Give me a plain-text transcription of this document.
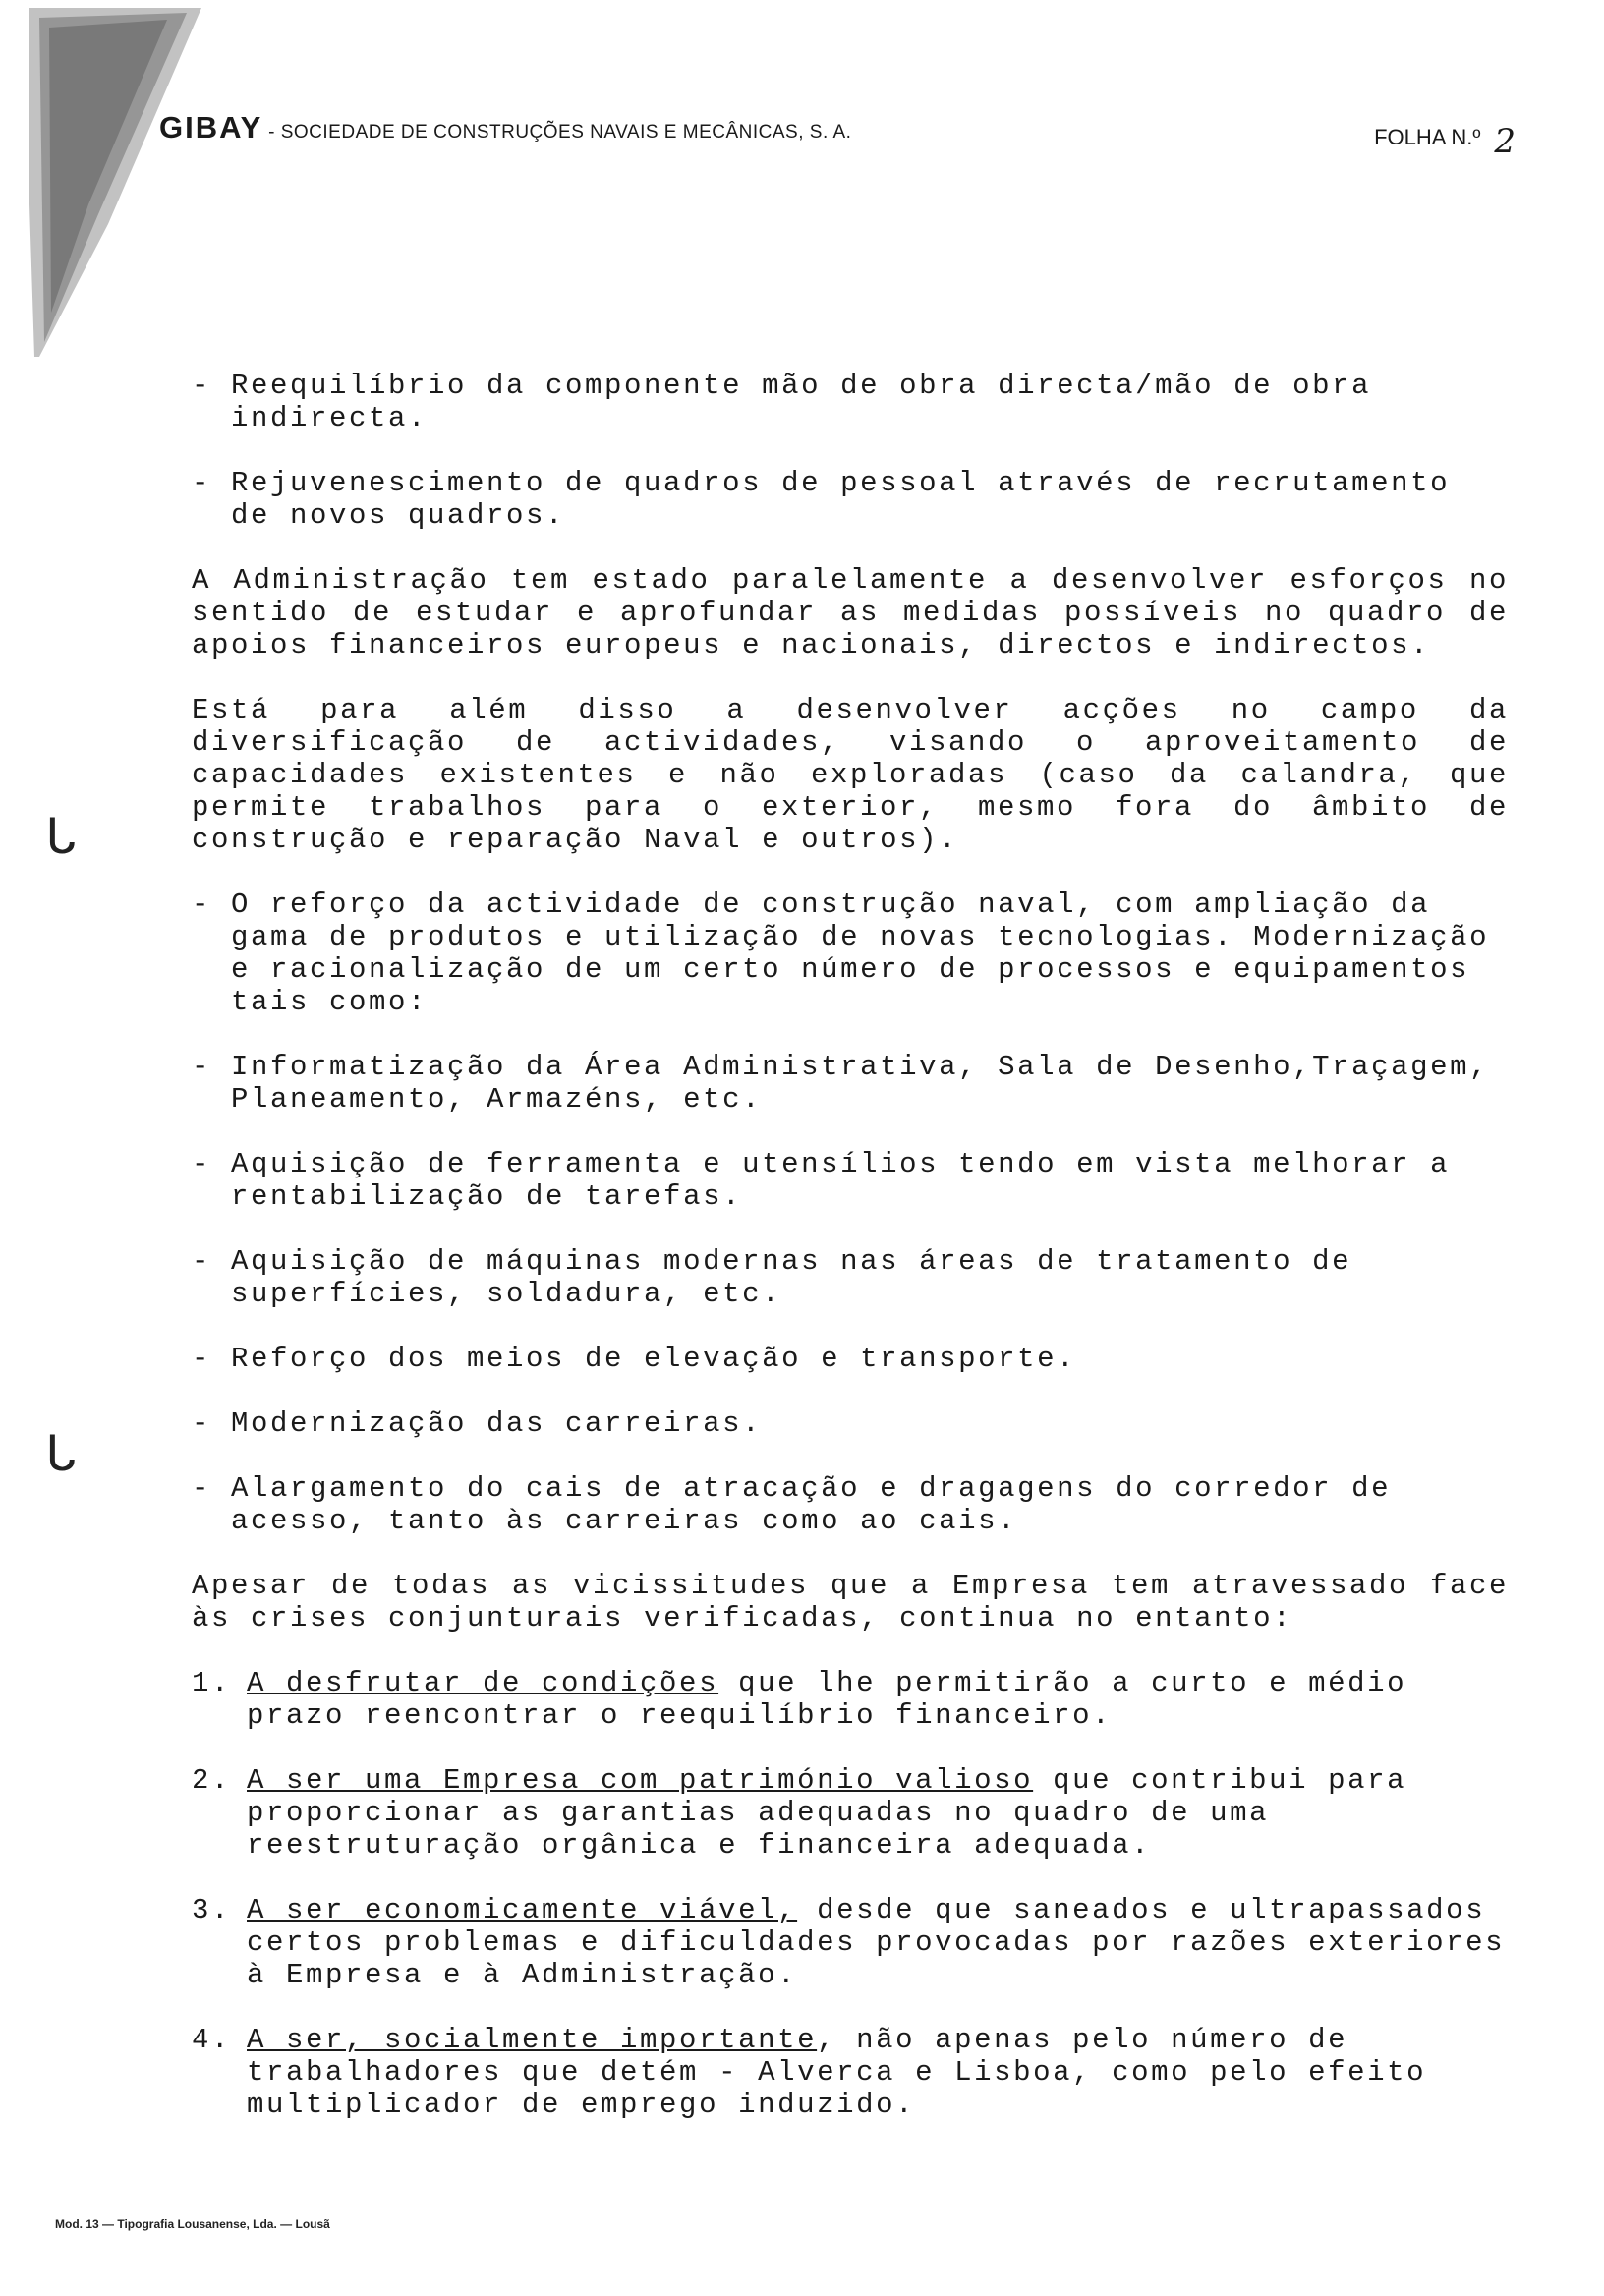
GIBAY - SOCIEDADE DE CONSTRUÇÕES NAVAIS E MECÂNICAS, S. A.	FOLHA N.º 2
ᒐ
ᒐ
- Reequilíbrio da componente mão de obra directa/mão de obra indirecta.
- Rejuvenescimento de quadros de pessoal através de recrutamento de novos quadros.

A Administração tem estado paralelamente a desenvolver esforços no sentido de estudar e aprofundar as medidas possíveis no quadro de apoios financeiros europeus e nacionais, directos e indirectos.

Está para além disso a desenvolver acções no campo da diversificação de actividades, visando o aproveitamento de capacidades existentes e não exploradas (caso da calandra, que permite trabalhos para o exterior, mesmo fora do âmbito de construção e reparação Naval e outros).

- O reforço da actividade de construção naval, com ampliação da gama de produtos e utilização de novas tecnologias. Modernização e racionalização de um certo número de processos e equipamentos tais como:
- Informatização da Área Administrativa, Sala de Desenho,Traçagem, Planeamento, Armazéns, etc.
- Aquisição de ferramenta e utensílios tendo em vista melhorar a rentabilização de tarefas.
- Aquisição de máquinas modernas nas áreas de tratamento de superfícies, soldadura, etc.
- Reforço dos meios de elevação e transporte.
- Modernização das carreiras.
- Alargamento do cais de atracação e dragagens do corredor de acesso, tanto às carreiras como ao cais.

Apesar de todas as vicissitudes que a Empresa tem atravessado face às crises conjunturais verificadas, continua no entanto:

1. A desfrutar de condições que lhe permitirão a curto e médio prazo reencontrar o reequilíbrio financeiro.
2. A ser uma Empresa com património valioso que contribui para proporcionar as garantias adequadas no quadro de uma reestruturação orgânica e financeira adequada.
3. A ser economicamente viável, desde que saneados e ultrapassados certos problemas e dificuldades provocadas por razões exteriores à Empresa e à Administração.
4. A ser, socialmente importante, não apenas pelo número de trabalhadores que detém - Alverca e Lisboa, como pelo efeito multiplicador de emprego induzido.
Mod. 13 — Tipografia Lousanense, Lda. — Lousã
